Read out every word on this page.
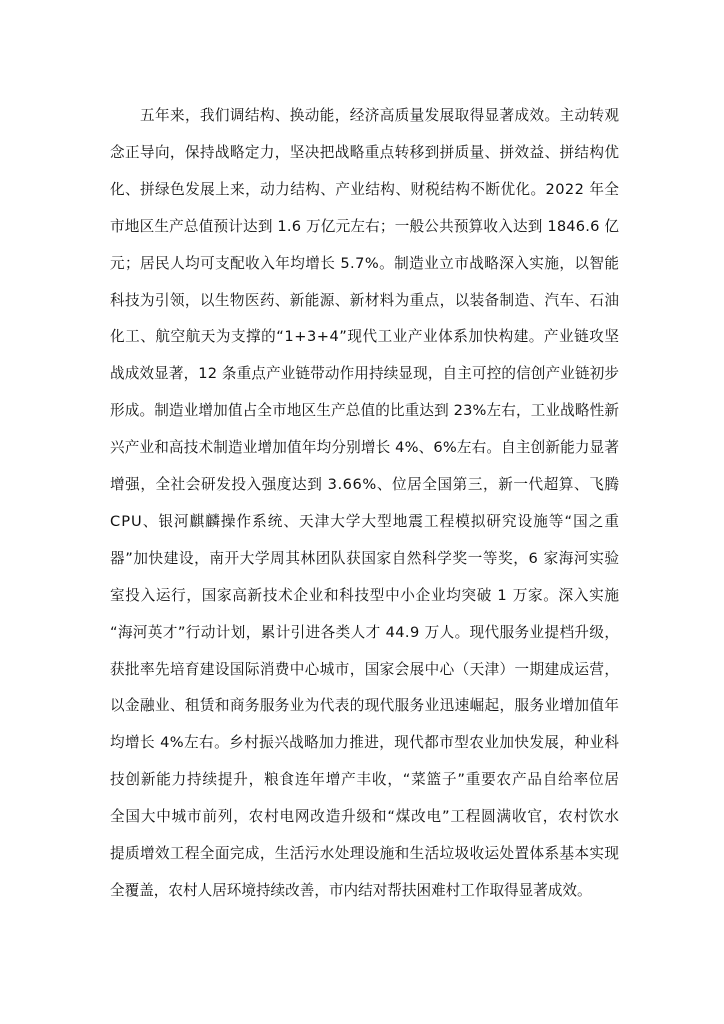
五年来，我们调结构、换动能，经济高质量发展取得显著成效。主动转观
念正导向，保持战略定力，坚决把战略重点转移到拼质量、拼效益、拼结构优
化、拼绿色发展上来，动力结构、产业结构、财税结构不断优化。2022 年全
市地区生产总值预计达到 1.6 万亿元左右；一般公共预算收入达到 1846.6 亿
元；居民人均可支配收入年均增长 5.7%。制造业立市战略深入实施，以智能
科技为引领，以生物医药、新能源、新材料为重点，以装备制造、汽车、石油
化工、航空航天为支撑的“1+3+4”现代工业产业体系加快构建。产业链攻坚
战成效显著，12 条重点产业链带动作用持续显现，自主可控的信创产业链初步
形成。制造业增加值占全市地区生产总值的比重达到 23%左右，工业战略性新
兴产业和高技术制造业增加值年均分别增长 4%、6%左右。自主创新能力显著
增强，全社会研发投入强度达到 3.66%、位居全国第三，新一代超算、飞腾
CPU、银河麒麟操作系统、天津大学大型地震工程模拟研究设施等“国之重
器”加快建设，南开大学周其林团队获国家自然科学奖一等奖，6 家海河实验
室投入运行，国家高新技术企业和科技型中小企业均突破 1 万家。深入实施
“海河英才”行动计划，累计引进各类人才 44.9 万人。现代服务业提档升级，
获批率先培育建设国际消费中心城市，国家会展中心（天津）一期建成运营，
以金融业、租赁和商务服务业为代表的现代服务业迅速崛起，服务业增加值年
均增长 4%左右。乡村振兴战略加力推进，现代都市型农业加快发展，种业科
技创新能力持续提升，粮食连年增产丰收，“菜篮子”重要农产品自给率位居
全国大中城市前列，农村电网改造升级和“煤改电”工程圆满收官，农村饮水
提质增效工程全面完成，生活污水处理设施和生活垃圾收运处置体系基本实现
全覆盖，农村人居环境持续改善，市内结对帮扶困难村工作取得显著成效。
